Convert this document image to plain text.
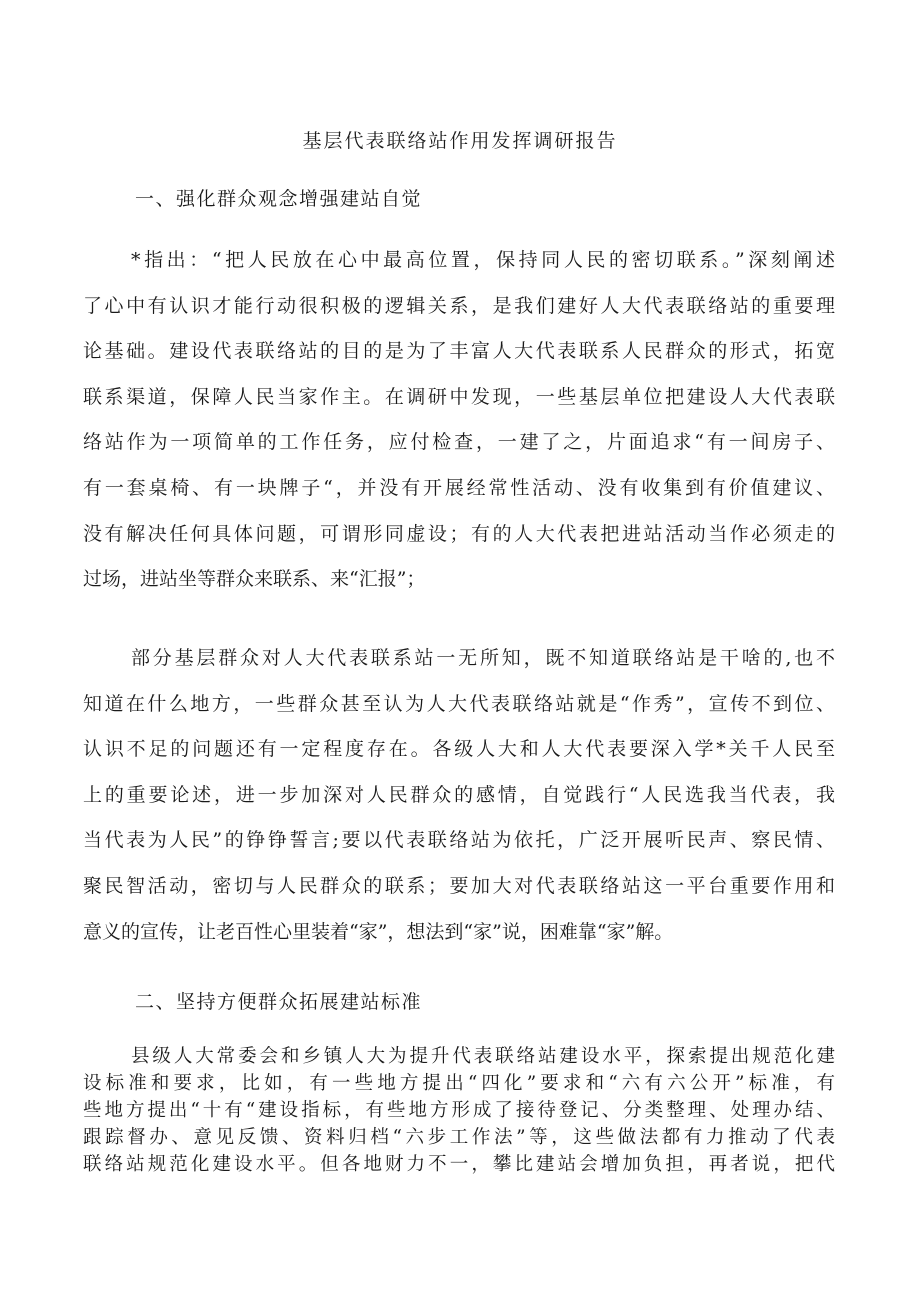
基层代表联络站作用发挥调研报告
一、强化群众观念增强建站自觉
*指出：“把人民放在心中最高位置，保持同人民的密切联系。”深刻阐述
了心中有认识才能行动很积极的逻辑关系，是我们建好人大代表联络站的重要理
论基础。建设代表联络站的目的是为了丰富人大代表联系人民群众的形式，拓宽
联系渠道，保障人民当家作主。在调研中发现，一些基层单位把建设人大代表联
络站作为一项简单的工作任务，应付检查，一建了之，片面追求“有一间房子、
有一套桌椅、有一块牌子“，并没有开展经常性活动、没有收集到有价值建议、
没有解决任何具体问题，可谓形同虚设；有的人大代表把进站活动当作必须走的
过场，进站坐等群众来联系、来“汇报”；
部分基层群众对人大代表联系站一无所知，既不知道联络站是干啥的,也不
知道在什么地方，一些群众甚至认为人大代表联络站就是“作秀”，宣传不到位、
认识不足的问题还有一定程度存在。各级人大和人大代表要深入学*关千人民至
上的重要论述，进一步加深对人民群众的感情，自觉践行“人民选我当代表，我
当代表为人民”的铮铮誓言;要以代表联络站为依托，广泛开展听民声、察民情、
聚民智活动，密切与人民群众的联系；要加大对代表联络站这一平台重要作用和
意义的宣传，让老百性心里装着“家”，想法到“家”说，困难靠“家”解。
二、坚持方便群众拓展建站标准
县级人大常委会和乡镇人大为提升代表联络站建设水平，探索提出规范化建
设标准和要求，比如，有一些地方提出“四化”要求和“六有六公开”标准，有
些地方提出“十有“建设指标，有些地方形成了接待登记、分类整理、处理办结、
跟踪督办、意见反馈、资料归档“六步工作法”等，这些做法都有力推动了代表
联络站规范化建设水平。但各地财力不一，攀比建站会增加负担，再者说，把代
